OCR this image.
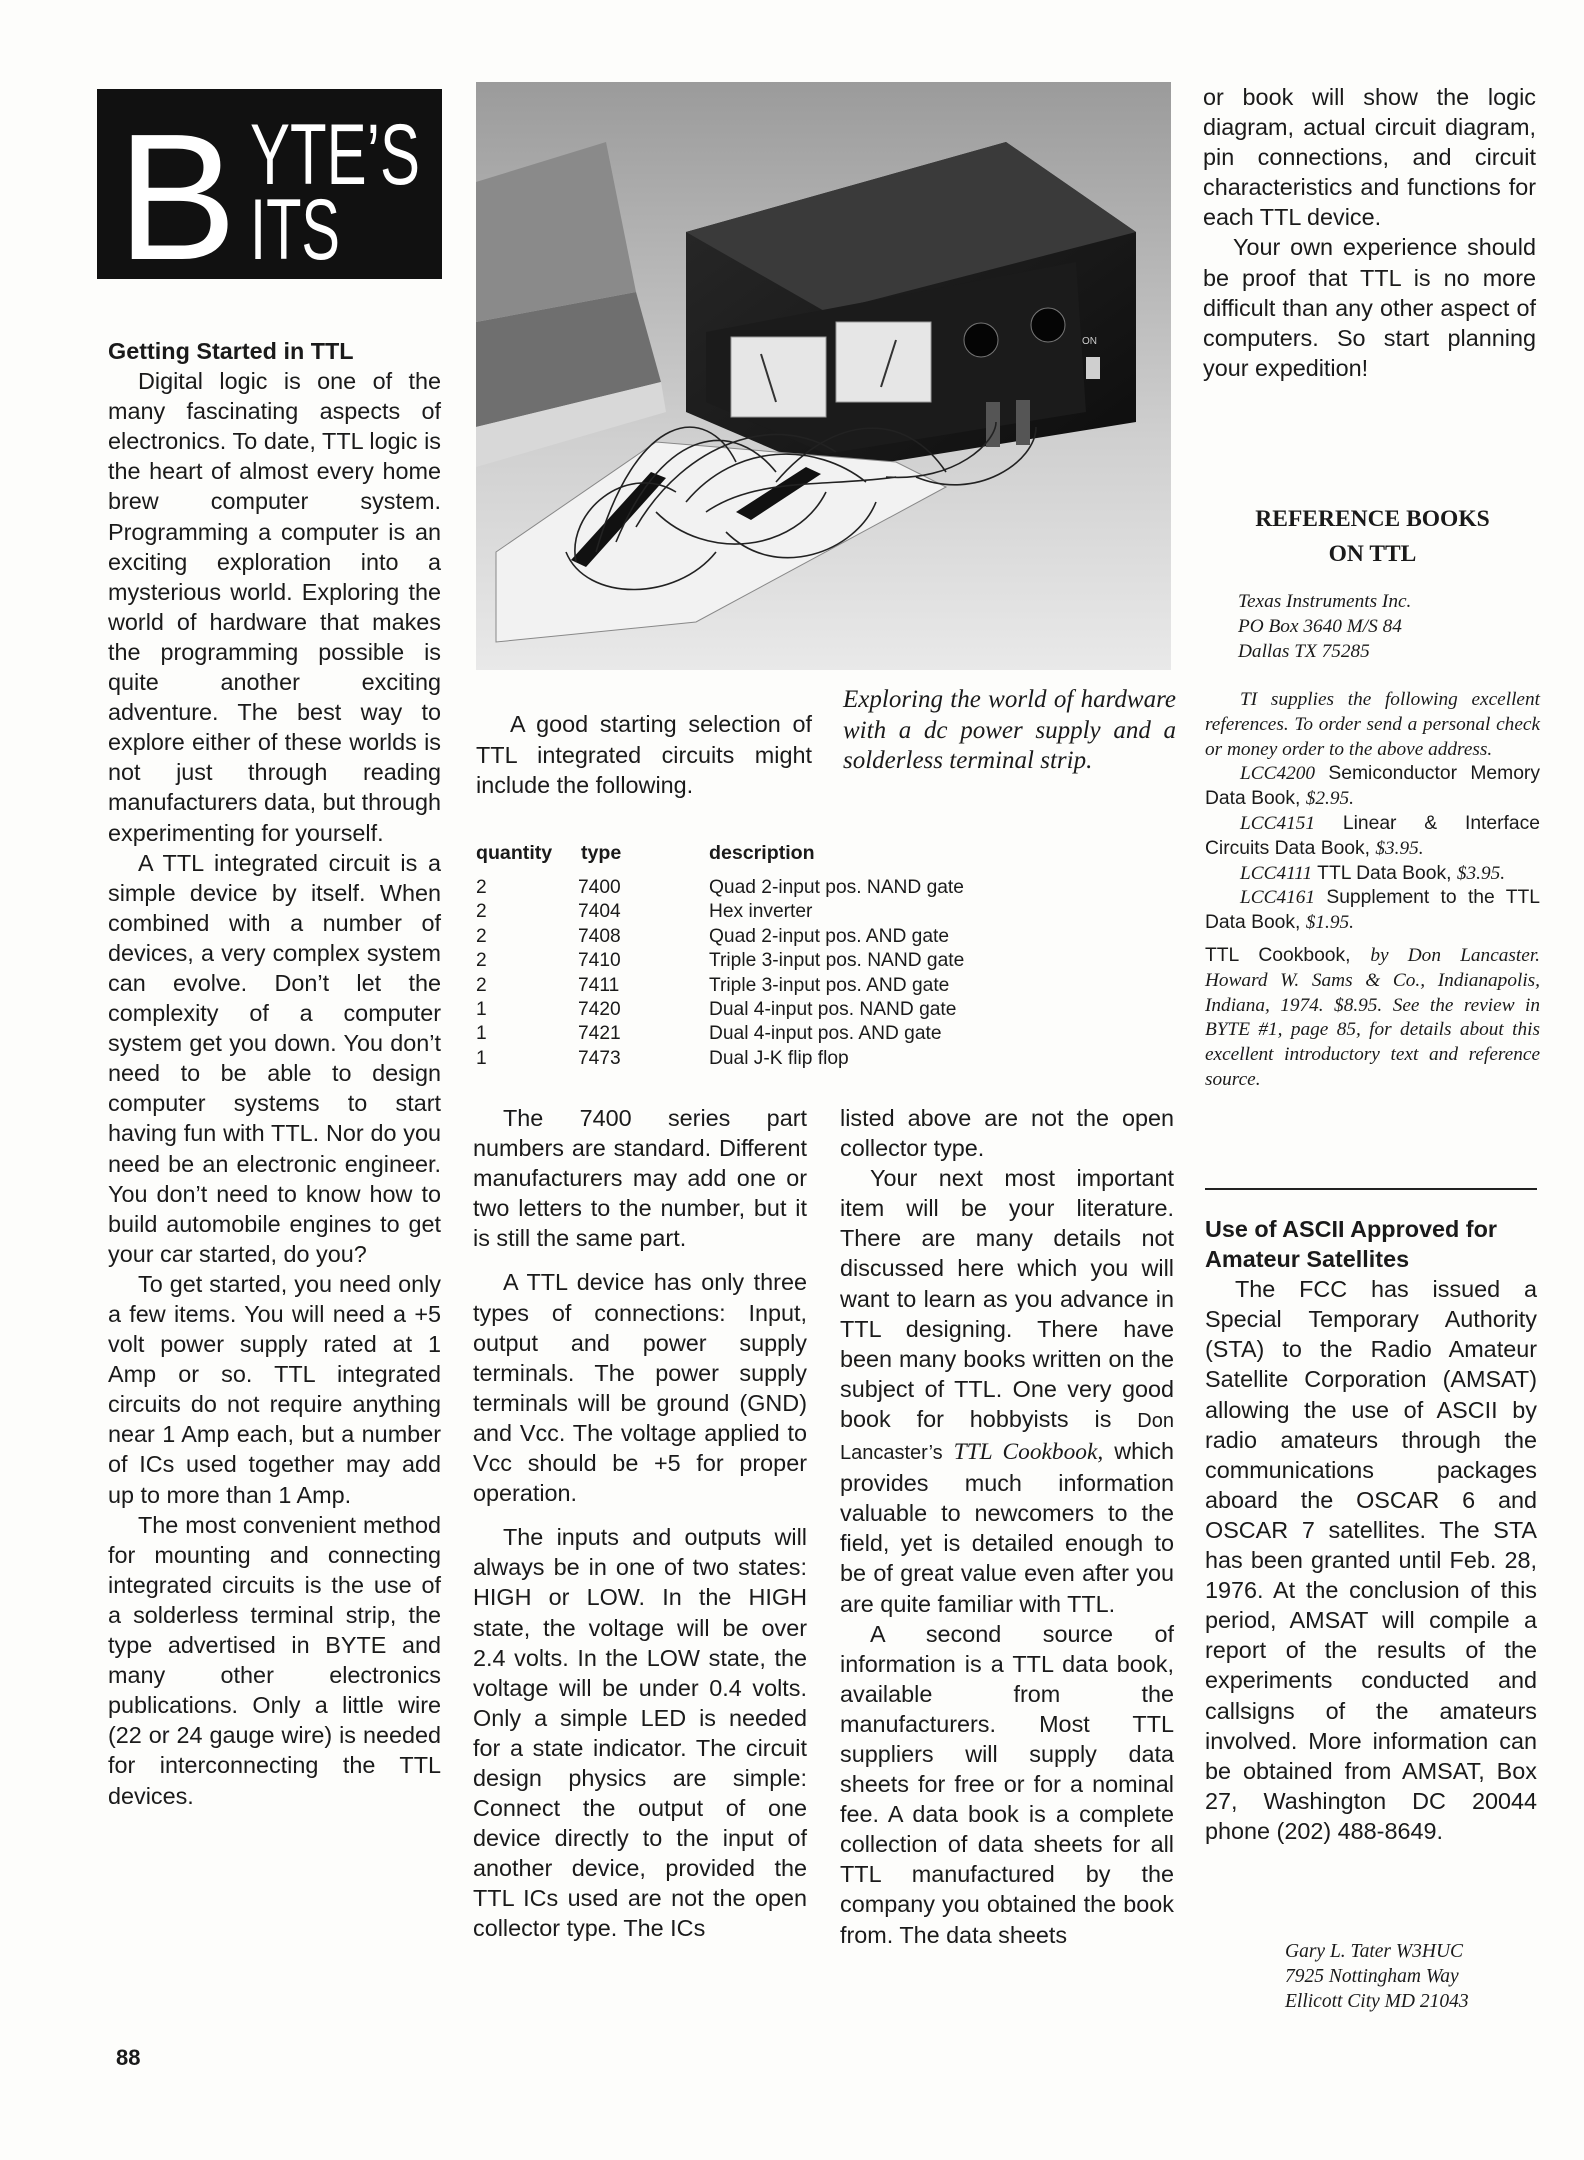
B YTE’S
ITS
Getting Started in TTL

Digital logic is one of the many fascinating aspects of electronics. To date, TTL logic is the heart of almost every home brew computer system. Programming a computer is an exciting exploration into a mysterious world. Exploring the world of hardware that makes the programming possible is quite another exciting adventure. The best way to explore either of these worlds is not just through reading manufacturers data, but through experimenting for yourself.

A TTL integrated circuit is a simple device by itself. When combined with a number of devices, a very complex system can evolve. Don’t let the complexity of a computer system get you down. You don’t need to be able to design computer systems to start having fun with TTL. Nor do you need be an electronic engineer. You don’t need to know how to build automobile engines to get your car started, do you?

To get started, you need only a few items. You will need a +5 volt power supply rated at 1 Amp or so. TTL integrated circuits do not require anything near 1 Amp each, but a number of ICs used together may add up to more than 1 Amp.

The most convenient method for mounting and connecting integrated circuits is the use of a solderless terminal strip, the type advertised in BYTE and many other electronics publications. Only a little wire (22 or 24 gauge wire) is needed for interconnecting the TTL devices.

ON
A good starting selection of TTL integrated circuits might include the following.
Exploring the world of hardware with a dc power supply and a solderless terminal strip.
quantity type	description
2	7400	Quad 2-input pos. NAND gate
2	7404	Hex inverter
2	7408	Quad 2-input pos. AND gate
2	7410	Triple 3-input pos. NAND gate
2	7411	Triple 3-input pos. AND gate
1	7420	Dual 4-input pos. NAND gate
1	7421	Dual 4-input pos. AND gate
1	7473	Dual J-K flip flop

The 7400 series part numbers are standard. Different manufacturers may add one or two letters to the number, but it is still the same part.

A TTL device has only three types of connections: Input, output and power supply terminals. The power supply terminals will be ground (GND) and Vcc. The voltage applied to Vcc should be +5 for proper operation.

The inputs and outputs will always be in one of two states: HIGH or LOW. In the HIGH state, the voltage will be over 2.4 volts. In the LOW state, the voltage will be under 0.4 volts. Only a simple LED is needed for a state indicator. The circuit design physics are simple: Connect the output of one device directly to the input of another device, provided the TTL ICs used are not the open collector type. The ICs

listed above are not the open collector type.

Your next most important item will be your literature. There are many details not discussed here which you will want to learn as you advance in TTL designing. There have been many books written on the subject of TTL. One very good book for hobbyists is Don Lancaster’s TTL Cookbook, which provides much information valuable to newcomers to the field, yet is detailed enough to be of great value even after you are quite familiar with TTL.

A second source of information is a TTL data book, available from the manufacturers. Most TTL suppliers will supply data sheets for free or for a nominal fee. A data book is a complete collection of data sheets for all TTL manufactured by the company you obtained the book from. The data sheets

or book will show the logic diagram, actual circuit diagram, pin connections, and circuit characteristics and functions for each TTL device.

Your own experience should be proof that TTL is no more difficult than any other aspect of computers. So start planning your expedition!

REFERENCE BOOKS
ON TTL
Texas Instruments Inc.
PO Box 3640 M/S 84
Dallas TX 75285

TI supplies the following excellent references. To order send a personal check or money order to the above address.

LCC4200 Semiconductor Memory Data Book, $2.95.

LCC4151 Linear & Interface Circuits Data Book, $3.95.

LCC4111 TTL Data Book, $3.95.

LCC4161 Supplement to the TTL Data Book, $1.95.

TTL Cookbook, by Don Lancaster. Howard W. Sams & Co., Indianapolis, Indiana, 1974. $8.95. See the review in BYTE #1, page 85, for details about this excellent introductory text and reference source.

Use of ASCII Approved for Amateur Satellites

The FCC has issued a Special Temporary Authority (STA) to the Radio Amateur Satellite Corporation (AMSAT) allowing the use of ASCII by radio amateurs through the communications packages aboard the OSCAR 6 and OSCAR 7 satellites. The STA has been granted until Feb. 28, 1976. At the conclusion of this period, AMSAT will compile a report of the results of the experiments conducted and callsigns of the amateurs involved. More information can be obtained from AMSAT, Box 27, Washington DC 20044 phone (202) 488-8649.

Gary L. Tater W3HUC
7925 Nottingham Way
Ellicott City MD 21043
88
